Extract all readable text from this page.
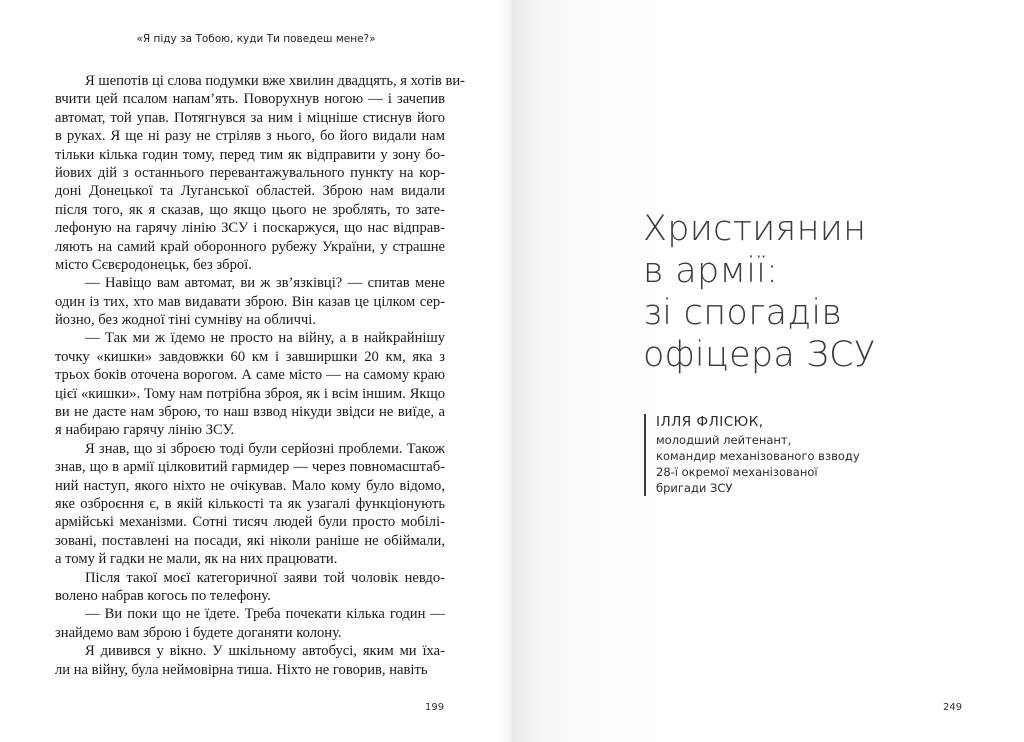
«Я піду за Тобою, куди Ти поведеш мене?»
Я шепотів ці слова подумки вже хвилин двадцять, я хотів ви-
вчити цей псалом напам’ять. Поворухнув ногою — і зачепив
автомат, той упав. Потягнувся за ним і міцніше стиснув його
в руках. Я ще ні разу не стріляв з нього, бо його видали нам
тільки кілька годин тому, перед тим як відправити у зону бо-
йових дій з останнього перевантажувального пункту на кор-
доні Донецької та Луганської областей. Зброю нам видали
після того, як я сказав, що якщо цього не зроблять, то зате-
лефоную на гарячу лінію ЗСУ і поскаржуся, що нас відправ-
ляють на самий край оборонного рубежу України, у страшне
місто Сєвєродонецьк, без зброї.
— Навіщо вам автомат, ви ж зв’язківці? — спитав мене
один із тих, хто мав видавати зброю. Він казав це цілком сер-
йозно, без жодної тіні сумніву на обличчі.
— Так ми ж їдемо не просто на війну, а в найкрайнішу
точку «кишки» завдовжки 60 км і завширшки 20 км, яка з
трьох боків оточена ворогом. А саме місто — на самому краю
цієї «кишки». Тому нам потрібна зброя, як і всім іншим. Якщо
ви не дасте нам зброю, то наш взвод нікуди звідси не виїде, а
я набираю гарячу лінію ЗСУ.
Я знав, що зі зброєю тоді були серйозні проблеми. Також
знав, що в армії цілковитий гармидер — через повномасштаб-
ний наступ, якого ніхто не очікував. Мало кому було відомо,
яке озброєння є, в якій кількості та як узагалі функціонують
армійські механізми. Сотні тисяч людей були просто мобілі-
зовані, поставлені на посади, які ніколи раніше не обіймали,
а тому й гадки не мали, як на них працювати.
Після такої моєї категоричної заяви той чоловік невдо-
волено набрав когось по телефону.
— Ви поки що не їдете. Треба почекати кілька годин —
знайдемо вам зброю і будете доганяти колону.
Я дивився у вікно. У шкільному автобусі, яким ми їха-
ли на війну, була неймовірна тиша. Ніхто не говорив, навіть
199
Християнин
в армії:
зі спогадів
офіцера ЗСУ
ІЛЛЯ ФЛІСЮК,
молодший лейтенант,
командир механізованого взводу
28-ї окремої механізованої
бригади ЗСУ
249
